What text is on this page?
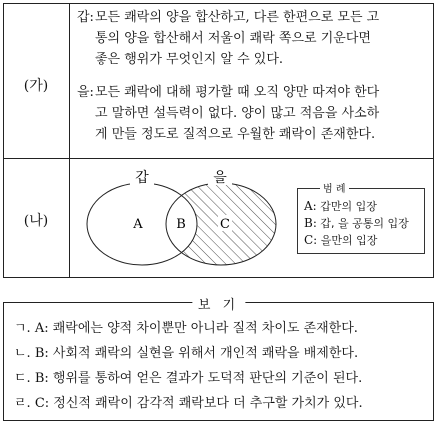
(가)
갑:모든 쾌락의 양을 합산하고, 다른 한편으로 모든 고
통의 양을 합산해서 저울이 쾌락 쪽으로 기운다면
좋은 행위가 무엇인지 알 수 있다.
을:모든 쾌락에 대해 평가할 때 오직 양만 따져야 한다
고 말하면 설득력이 없다. 양이 많고 적음을 사소하
게 만들 정도로 질적으로 우월한 쾌락이 존재한다.
(나)
갑	을
A	B	C
범 례
A: 갑만의 입장
B: 갑, 을 공통의 입장
C: 을만의 입장
보 기
ㄱ. A: 쾌락에는 양적 차이뿐만 아니라 질적 차이도 존재한다.
ㄴ. B: 사회적 쾌락의 실현을 위해서 개인적 쾌락을 배제한다.
ㄷ. B: 행위를 통하여 얻은 결과가 도덕적 판단의 기준이 된다.
ㄹ. C: 정신적 쾌락이 감각적 쾌락보다 더 추구할 가치가 있다.
